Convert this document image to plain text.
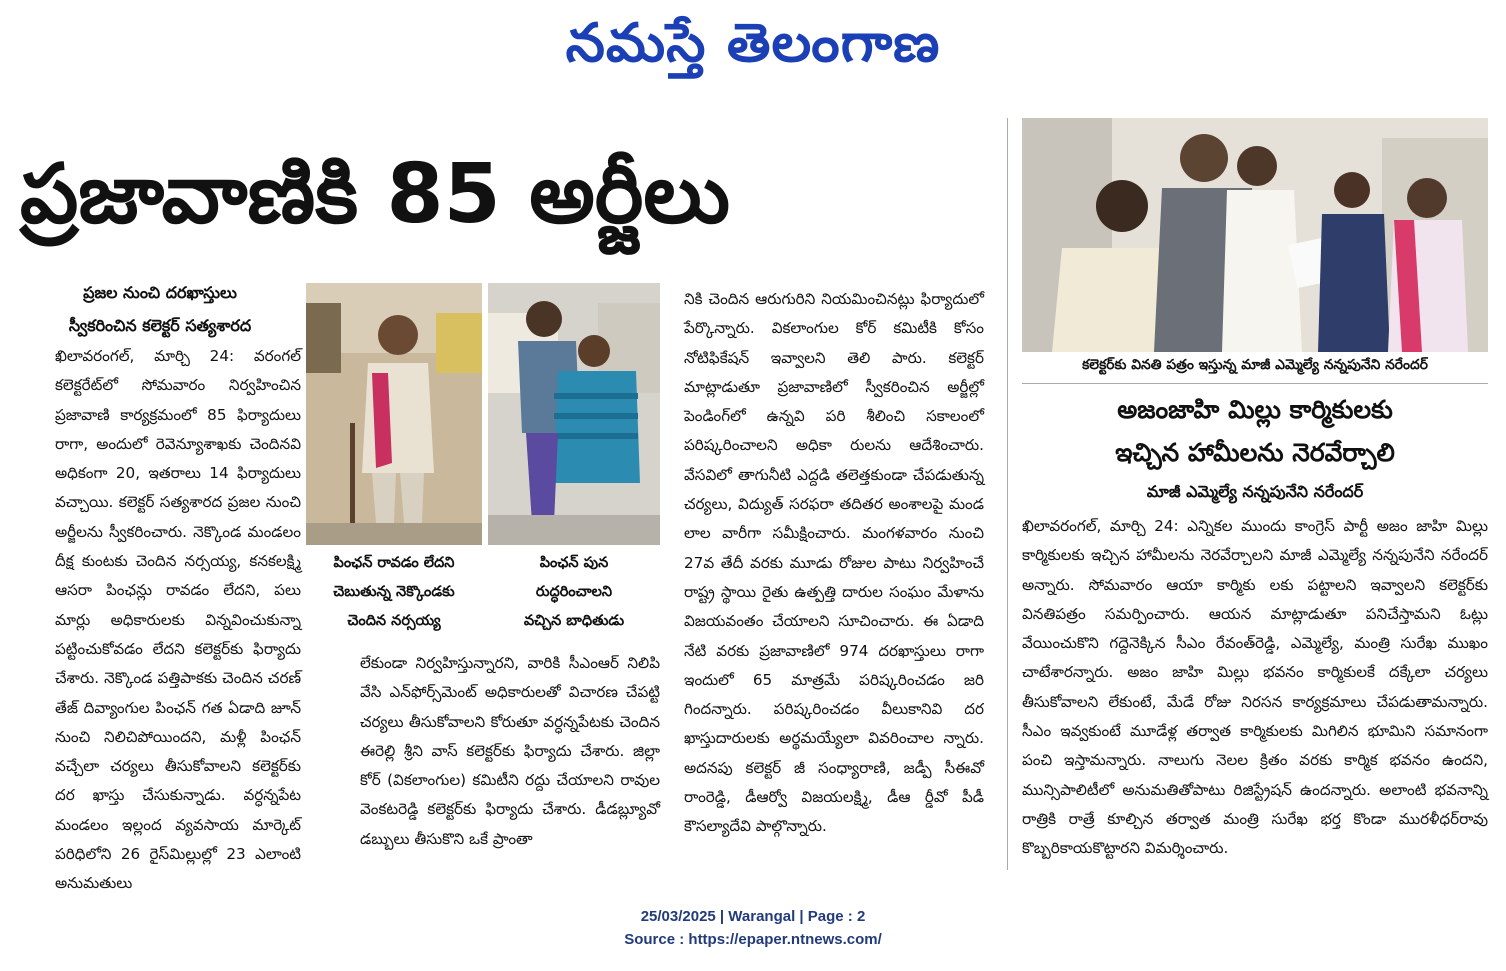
నమస్తే తెలంగాణ
ప్రజావాణికి 85 అర్జీలు
ప్రజల నుంచి దరఖాస్తులు
స్వీకరించిన కలెక్టర్ సత్యశారద

ఖిలావరంగల్, మార్చి 24: వరంగల్ కలెక్టరేట్‌లో సోమవారం నిర్వహించిన ప్రజావాణి కార్యక్రమంలో 85 ఫిర్యాదులు రాగా, అందులో రెవెన్యూశాఖకు చెందినవి అధికంగా 20, ఇతరాలు 14 ఫిర్యాదులు వచ్చాయి. కలెక్టర్ సత్యశారద ప్రజల నుంచి అర్జీలను స్వీకరించారు. నెక్కొండ మండలం దీక్ష కుంటకు చెందిన నర్సయ్య, కనకలక్ష్మి ఆసరా పింఛన్లు రావడం లేదని, పలు మార్లు అధికారులకు విన్నవించుకున్నా పట్టించుకోవడం లేదని కలెక్టర్‌కు ఫిర్యాదు చేశారు. నెక్కొండ పత్తిపాకకు చెందిన చరణ్ తేజ్ దివ్యాంగుల పింఛన్ గత ఏడాది జూన్ నుంచి నిలిచిపోయిందని, మళ్లీ పింఛన్ వచ్చేలా చర్యలు తీసుకోవాలని కలెక్టర్‌కు దర ఖాస్తు చేసుకున్నాడు. వర్ధన్నపేట మండలం ఇల్లంద వ్యవసాయ మార్కెట్ పరిధిలోని 26 రైస్‌మిల్లుల్లో 23 ఎలాంటి అనుమతులు

పింఛన్ రావడం లేదని
చెబుతున్న నెక్కొండకు
చెందిన నర్సయ్య
పింఛన్ పున
రుద్ధరించాలని
వచ్చిన బాధితుడు

లేకుండా నిర్వహిస్తున్నారని, వారికి సీఎంఆర్ నిలిపి వేసి ఎన్‌ఫోర్స్‌మెంట్ అధికారులతో విచారణ చేపట్టి చర్యలు తీసుకోవాలని కోరుతూ వర్ధన్నపేటకు చెందిన ఈరెల్లి శ్రీని వాస్ కలెక్టర్‌కు ఫిర్యాదు చేశారు. జిల్లా కోర్ (వికలాంగుల) కమిటీని రద్దు చేయాలని రావుల వెంకటరెడ్డి కలెక్టర్‌కు ఫిర్యాదు చేశారు. డీడబ్ల్యూవో డబ్బులు తీసుకొని ఒకే ప్రాంతా

నికి చెందిన ఆరుగురిని నియమించినట్లు ఫిర్యాదులో పేర్కొన్నారు. వికలాంగుల కోర్ కమిటీకి కోసం నోటిఫికేషన్ ఇవ్వాలని తెలి పారు. కలెక్టర్ మాట్లాడుతూ ప్రజావాణిలో స్వీకరించిన అర్జీల్లో పెండింగ్‌లో ఉన్నవి పరి శీలించి సకాలంలో పరిష్కరించాలని అధికా రులను ఆదేశించారు. వేసవిలో తాగునీటి ఎద్దడి తలెత్తకుండా చేపడుతున్న చర్యలు, విద్యుత్ సరఫరా తదితర అంశాలపై మండ లాల వారీగా సమీక్షించారు. మంగళవారం నుంచి 27వ తేదీ వరకు మూడు రోజుల పాటు నిర్వహించే రాష్ట్ర స్థాయి రైతు ఉత్పత్తి దారుల సంఘం మేళాను విజయవంతం చేయాలని సూచించారు. ఈ ఏడాది నేటి వరకు ప్రజావాణిలో 974 దరఖాస్తులు రాగా ఇందులో 65 మాత్రమే పరిష్కరించడం జరి గిందన్నారు. పరిష్కరించడం వీలుకానివి దర ఖాస్తుదారులకు అర్థమయ్యేలా వివరించాల న్నారు. అదనపు కలెక్టర్ జీ సంధ్యారాణి, జడ్పీ సీఈవో రాంరెడ్డి, డీఆర్వో విజయలక్ష్మి, డీఆ ర్డీవో పీడీ కౌసల్యాదేవి పాల్గొన్నారు.

కలెక్టర్‌కు వినతి పత్రం ఇస్తున్న మాజీ ఎమ్మెల్యే నన్నపునేని నరేందర్
అజంజాహి మిల్లు కార్మికులకు
ఇచ్చిన హామీలను నెరవేర్చాలి
మాజీ ఎమ్మెల్యే నన్నపునేని నరేందర్

ఖిలావరంగల్, మార్చి 24: ఎన్నికల ముందు కాంగ్రెస్ పార్టీ అజం జాహి మిల్లు కార్మికులకు ఇచ్చిన హామీలను నెరవేర్చాలని మాజీ ఎమ్మెల్యే నన్నపునేని నరేందర్ అన్నారు. సోమవారం ఆయా కార్మికు లకు పట్టాలని ఇవ్వాలని కలెక్టర్‌కు వినతిపత్రం సమర్పించారు. ఆయన మాట్లాడుతూ పనిచేస్తామని ఓట్లు వేయించుకొని గద్దెనెక్కిన సీఎం రేవంత్‌రెడ్డి, ఎమ్మెల్యే, మంత్రి సురేఖ ముఖం చాటేశారన్నారు. అజం జాహి మిల్లు భవనం కార్మికులకే దక్కేలా చర్యలు తీసుకోవాలని లేకుంటే, మేడే రోజు నిరసన కార్యక్రమాలు చేపడుతామన్నారు. సీఎం ఇవ్వకుంటే మూడేళ్ల తర్వాత కార్మికులకు మిగిలిన భూమిని సమానంగా పంచి ఇస్తామన్నారు. నాలుగు నెలల క్రితం వరకు కార్మిక భవనం ఉందని, మున్సిపాలిటీలో అనుమతితోపాటు రిజిస్ట్రేషన్ ఉందన్నారు. అలాంటి భవనాన్ని రాత్రికి రాత్రే కూల్చిన తర్వాత మంత్రి సురేఖ భర్త కొండా మురళీధర్‌రావు కొబ్బరికాయకొట్టారని విమర్శించారు.

25/03/2025 | Warangal | Page : 2
Source : https://epaper.ntnews.com/
